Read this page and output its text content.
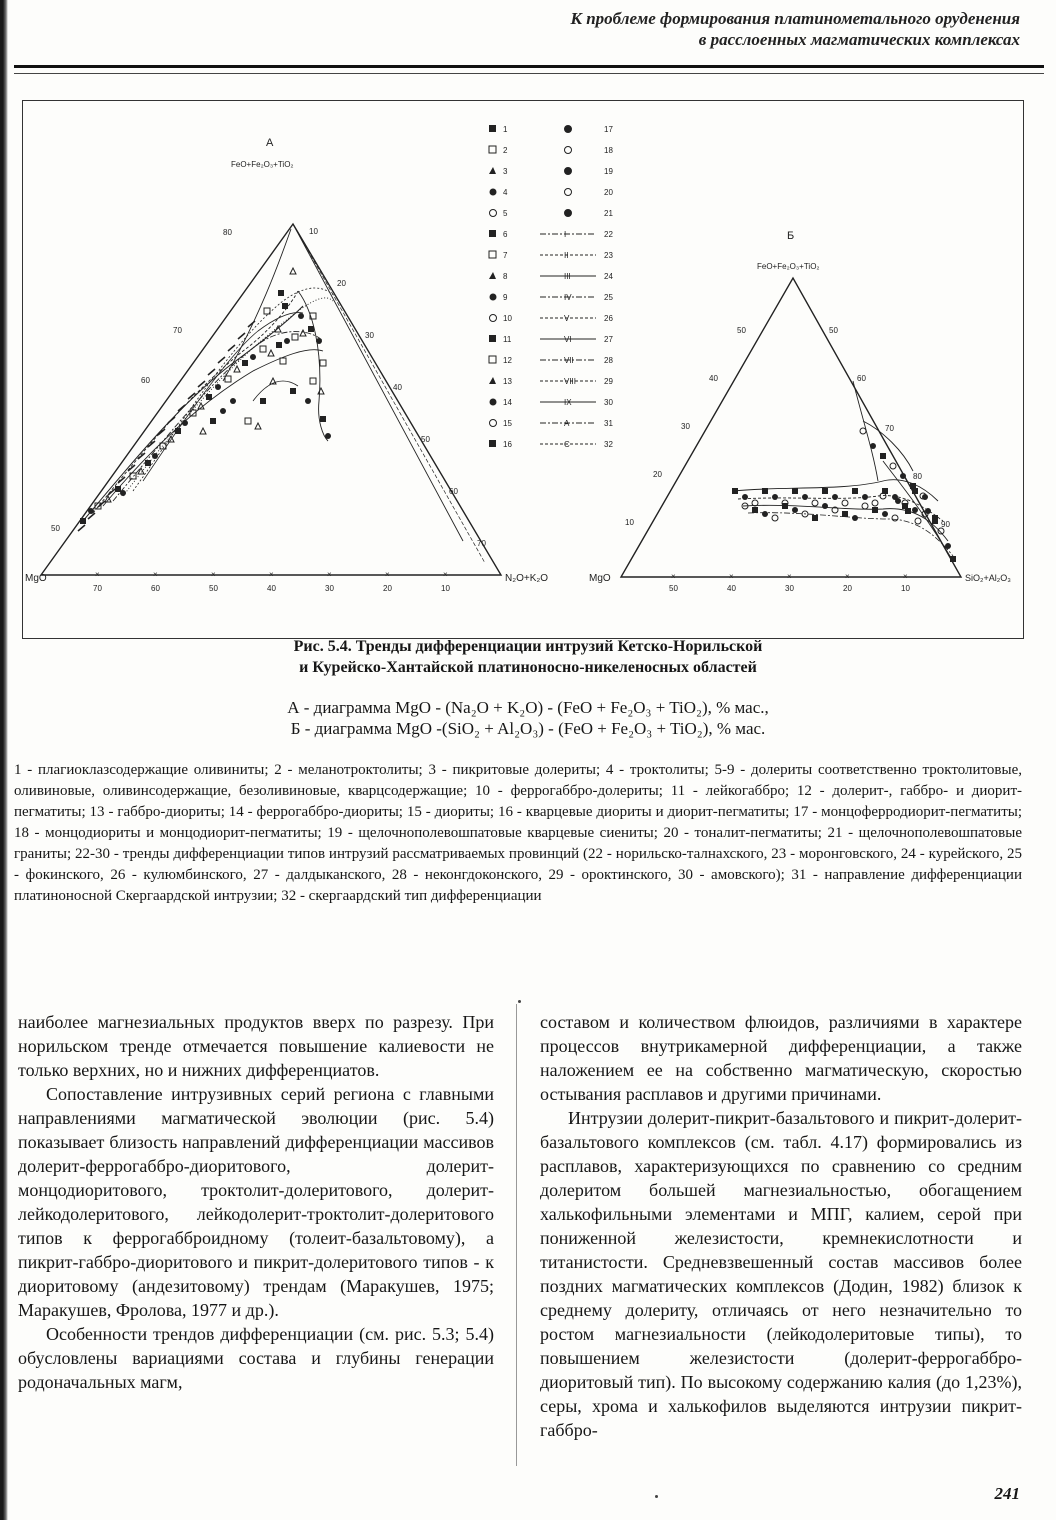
К проблеме формирования платинометального оруденения
в расслоенных магматических комплексах
70
×
60
×
50
×
40
×
30
×
20
×
10
×
80
70
60
50
10
20
30
40
50
60
70
А
FeO+Fe₂O₃+TiO₂
MgO	N₂O+K₂O
1
2
3
4
5
6
7
8
9
10
11
12
13
14
15
16
17
18
19
20
21
I	22
II	23
III	24
IV	25
V	26
VI	27
VII	28
VIII	29
IX	30
A	31
C	32
50
×
40
×
30
×
20
×
10
×
50
60
50
40
30
20
10
70
80
90
Б
FeO+Fe₂O₃+TiO₂
MgO	SiO₂+Al₂O₃
Рис. 5.4. Тренды дифференциации интрузий Кетско-Норильской
и Курейско-Хантайской платиноносно-никеленосных областей
А - диаграмма MgO - (Na₂O + K₂O) - (FeO + Fe₂O₃ + TiO₂), % мас.,
Б - диаграмма MgO -(SiO₂ + Al₂O₃) - (FeO + Fe₂O₃ + TiO₂), % мас.
1 - плагиоклазсодержащие оливиниты; 2 - меланотроктолиты; 3 - пикритовые долериты; 4 - троктолиты; 5-9 - долериты соответственно троктолитовые, оливиновые, оливинсодержащие, безоливиновые, кварцсодержащие; 10 - феррогаббро-долериты; 11 - лейкогаббро; 12 - долерит-, габбро- и диорит-пегматиты; 13 - габбро-диориты; 14 - феррогаббро-диориты; 15 - диориты; 16 - кварцевые диориты и диорит-пегматиты; 17 - монцоферродиорит-пегматиты; 18 - монцодиориты и монцодиорит-пегматиты; 19 - щелочнополевошпатовые кварцевые сиениты; 20 - тоналит-пегматиты; 21 - щелочнополевошпатовые граниты; 22-30 - тренды дифференциации типов интрузий рассматриваемых провинций (22 - норильско-талнахского, 23 - моронговского, 24 - курейского, 25 - фокинского, 26 - кулюмбинского, 27 - далдыканского, 28 - неконгдоконского, 29 - ороктинского, 30 - амовского); 31 - направление дифференциации платиноносной Скергаардской интрузии; 32 - скергаардский тип дифференциации

наиболее магнезиальных продуктов вверх по разрезу. При норильском тренде отмечается повышение калиевости не только верхних, но и нижних дифференциатов.

Сопоставление интрузивных серий региона с главными направлениями магматической эволюции (рис. 5.4) показывает близость направлений дифференциации массивов долерит-феррогаббро-диоритового, долерит-монцодиоритового, троктолит-долеритового, долерит-лейкодолеритового, лейкодолерит-троктолит-долеритового типов к феррогабброидному (толеит-базальтовому), а пикрит-габбро-диоритового и пикрит-долеритового типов - к диоритовому (андезитовому) трендам (Маракушев, 1975; Маракушев, Фролова, 1977 и др.).

Особенности трендов дифференциации (см. рис. 5.3; 5.4) обусловлены вариациями состава и глубины генерации родоначальных магм,

составом и количеством флюидов, различиями в характере процессов внутрикамерной дифференциации, а также наложением ее на собственно магматическую, скоростью остывания расплавов и другими причинами.

Интрузии долерит-пикрит-базальтового и пикрит-долерит-базальтового комплексов (см. табл. 4.17) формировались из расплавов, характеризующихся по сравнению со средним долеритом большей магнезиальностью, обогащением халькофильными элементами и МПГ, калием, серой при пониженной железистости, кремнекислотности и титанистости. Средневзвешенный состав массивов более поздних магматических комплексов (Додин, 1982) близок к среднему долериту, отличаясь от него незначительно то ростом магнезиальности (лейкодолеритовые типы), то повышением железистости (долерит-феррогаббро-диоритовый тип). По высокому содержанию калия (до 1,23%), серы, хрома и халькофилов выделяются интрузии пикрит-габбро-

241
